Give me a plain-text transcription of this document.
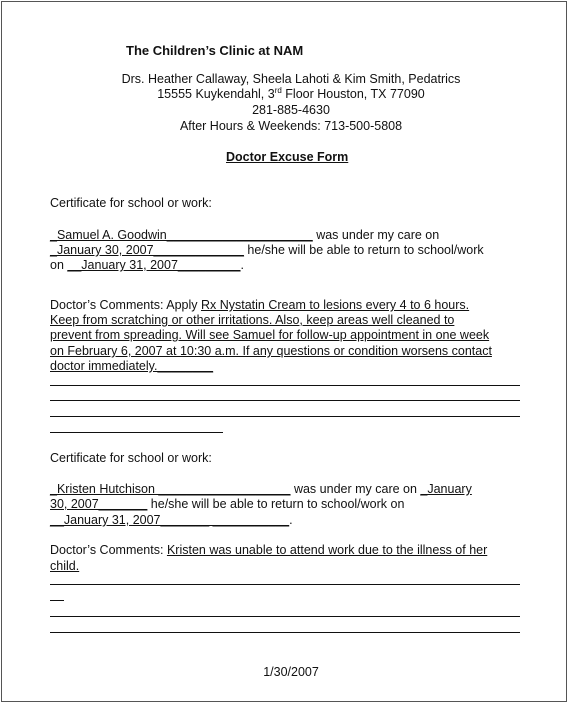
The Children’s Clinic at NAM
Drs. Heather Callaway, Sheela Lahoti & Kim Smith, Pedatrics
15555 Kuykendahl, 3rd Floor Houston, TX 77090
281-885-4630
After Hours & Weekends: 713-500-5808
Doctor Excuse Form
Certificate for school or work:
_Samuel A. Goodwin_____________________ was under my care on
_January 30, 2007_____________ he/she will be able to return to school/work
on __January 31, 2007_________.
Doctor’s Comments: Apply Rx Nystatin Cream to lesions every 4 to 6 hours.
Keep from scratching or other irritations. Also, keep areas well cleaned to
prevent from spreading. Will see Samuel for follow-up appointment in one week
on February 6, 2007 at 10:30 a.m. If any questions or condition worsens contact
doctor immediately.________
Certificate for school or work:
_Kristen Hutchison ___________________ was under my care on _January
30, 2007_______ he/she will be able to return to school/work on
__January 31, 2007_______ ___________.
Doctor’s Comments: Kristen was unable to attend work due to the illness of her
child.
1/30/2007
